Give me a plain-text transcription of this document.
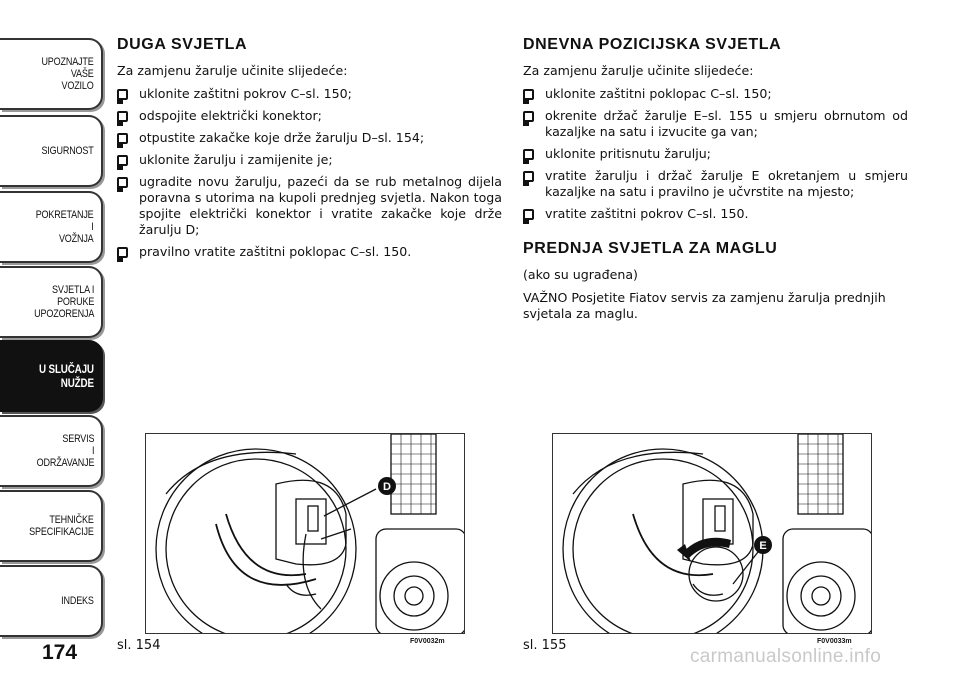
UPOZNAJTE
VAŠE
VOZILO
SIGURNOST
POKRETANJE
I
VOŽNJA
SVJETLA I
PORUKE
UPOZORENJA
U SLUČAJU
NUŽDE
SERVIS
I
ODRŽAVANJE
TEHNIČKE
SPECIFIKACIJE
INDEKS
174
DUGA SVJETLA

Za zamjenu žarulje učinite slijedeće:

uklonite zaštitni pokrov C–sl. 150;
odspojite električki konektor;
otpustite zakačke koje drže žarulju D–sl. 154;
uklonite žarulju i zamijenite je;
ugradite novu žarulju, pazeći da se rub metalnog dijela poravna s utorima na kupoli prednjeg svjetla. Nakon toga spojite električki konektor i vratite zakačke koje drže žarulju D;
pravilno vratite zaštitni poklopac C–sl. 150.
DNEVNA POZICIJSKA SVJETLA

Za zamjenu žarulje učinite slijedeće:

uklonite zaštitni poklopac C–sl. 150;
okrenite držač žarulje E–sl. 155 u smjeru obrnutom od kazaljke na satu i izvucite ga van;
uklonite pritisnutu žarulju;
vratite žarulju i držač žarulje E okretanjem u smjeru kazaljke na satu i pravilno je učvrstite na mjesto;
vratite zaštitni pokrov C–sl. 150.
PREDNJA SVJETLA ZA MAGLU

(ako su ugrađena)

VAŽNO Posjetite Fiatov servis za zamjenu žarulja prednjih svjetala za maglu.

D
sl. 154	F0V0032m
E
sl. 155	F0V0033m
carmanualsonline.info
